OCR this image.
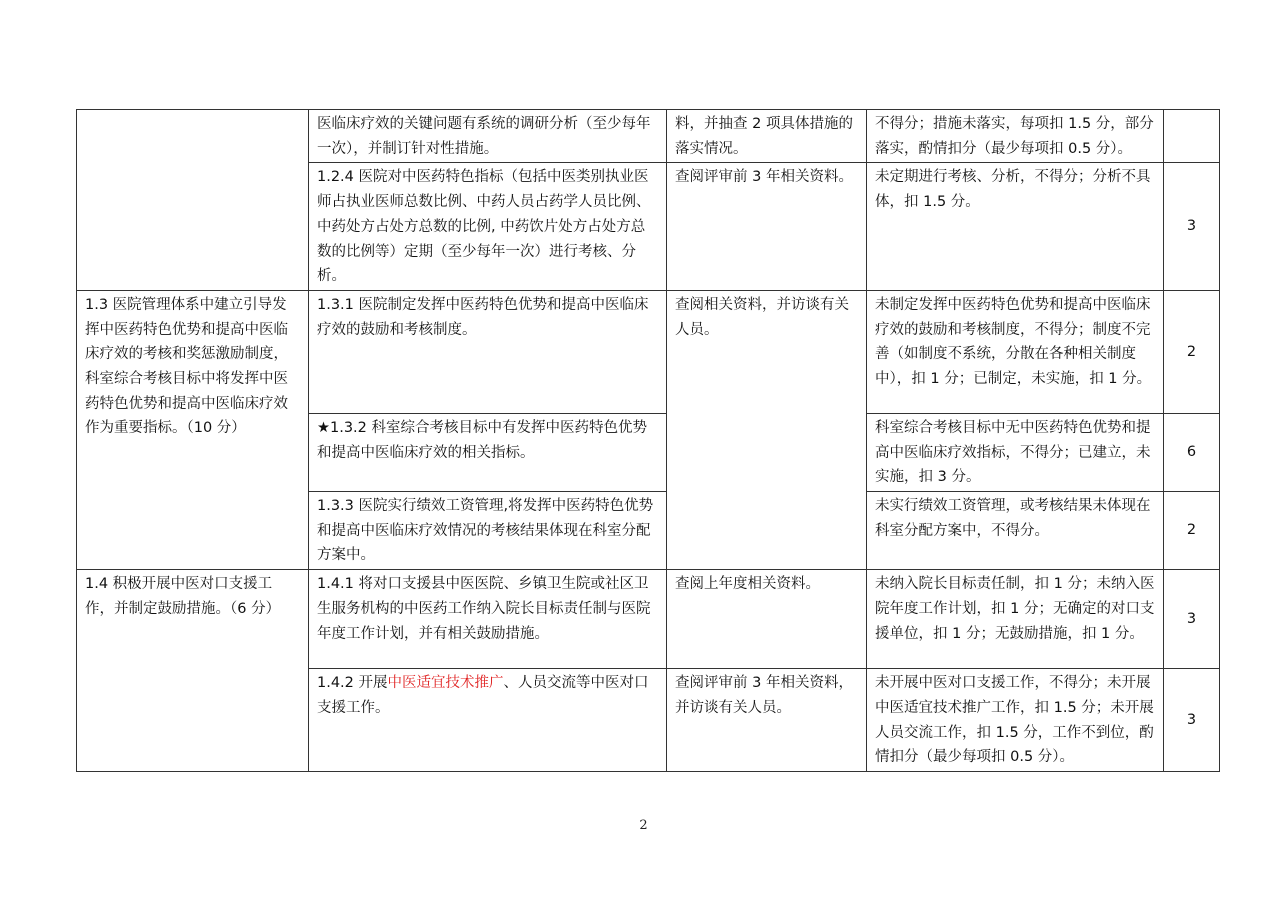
	医临床疗效的关键问题有系统的调研分析（至少每年一次），并制订针对性措施。	料，并抽查 2 项具体措施的落实情况。	不得分；措施未落实，每项扣 1.5 分，部分落实，酌情扣分（最少每项扣 0.5 分）。	
	1.2.4 医院对中医药特色指标（包括中医类别执业医师占执业医师总数比例、中药人员占药学人员比例、中药处方占处方总数的比例, 中药饮片处方占处方总数的比例等）定期（至少每年一次）进行考核、分析。	查阅评审前 3 年相关资料。	未定期进行考核、分析，不得分；分析不具体，扣 1.5 分。	3
1.3 医院管理体系中建立引导发挥中医药特色优势和提高中医临床疗效的考核和奖惩激励制度，科室综合考核目标中将发挥中医药特色优势和提高中医临床疗效作为重要指标。（10 分）	1.3.1 医院制定发挥中医药特色优势和提高中医临床疗效的鼓励和考核制度。	查阅相关资料，并访谈有关人员。	未制定发挥中医药特色优势和提高中医临床疗效的鼓励和考核制度，不得分；制度不完善（如制度不系统，分散在各种相关制度中），扣 1 分；已制定，未实施，扣 1 分。	2
	★1.3.2 科室综合考核目标中有发挥中医药特色优势和提高中医临床疗效的相关指标。		科室综合考核目标中无中医药特色优势和提高中医临床疗效指标，不得分；已建立，未实施，扣 3 分。	6
	1.3.3 医院实行绩效工资管理,将发挥中医药特色优势和提高中医临床疗效情况的考核结果体现在科室分配方案中。		未实行绩效工资管理，或考核结果未体现在科室分配方案中，不得分。	2
1.4 积极开展中医对口支援工作，并制定鼓励措施。（6 分）	1.4.1 将对口支援县中医医院、乡镇卫生院或社区卫生服务机构的中医药工作纳入院长目标责任制与医院年度工作计划，并有相关鼓励措施。	查阅上年度相关资料。	未纳入院长目标责任制，扣 1 分；未纳入医院年度工作计划，扣 1 分；无确定的对口支援单位，扣 1 分；无鼓励措施，扣 1 分。	3
	1.4.2 开展中医适宜技术推广、人员交流等中医对口支援工作。	查阅评审前 3 年相关资料，并访谈有关人员。	未开展中医对口支援工作，不得分；未开展中医适宜技术推广工作，扣 1.5 分；未开展人员交流工作，扣 1.5 分，工作不到位，酌情扣分（最少每项扣 0.5 分）。	3
2
